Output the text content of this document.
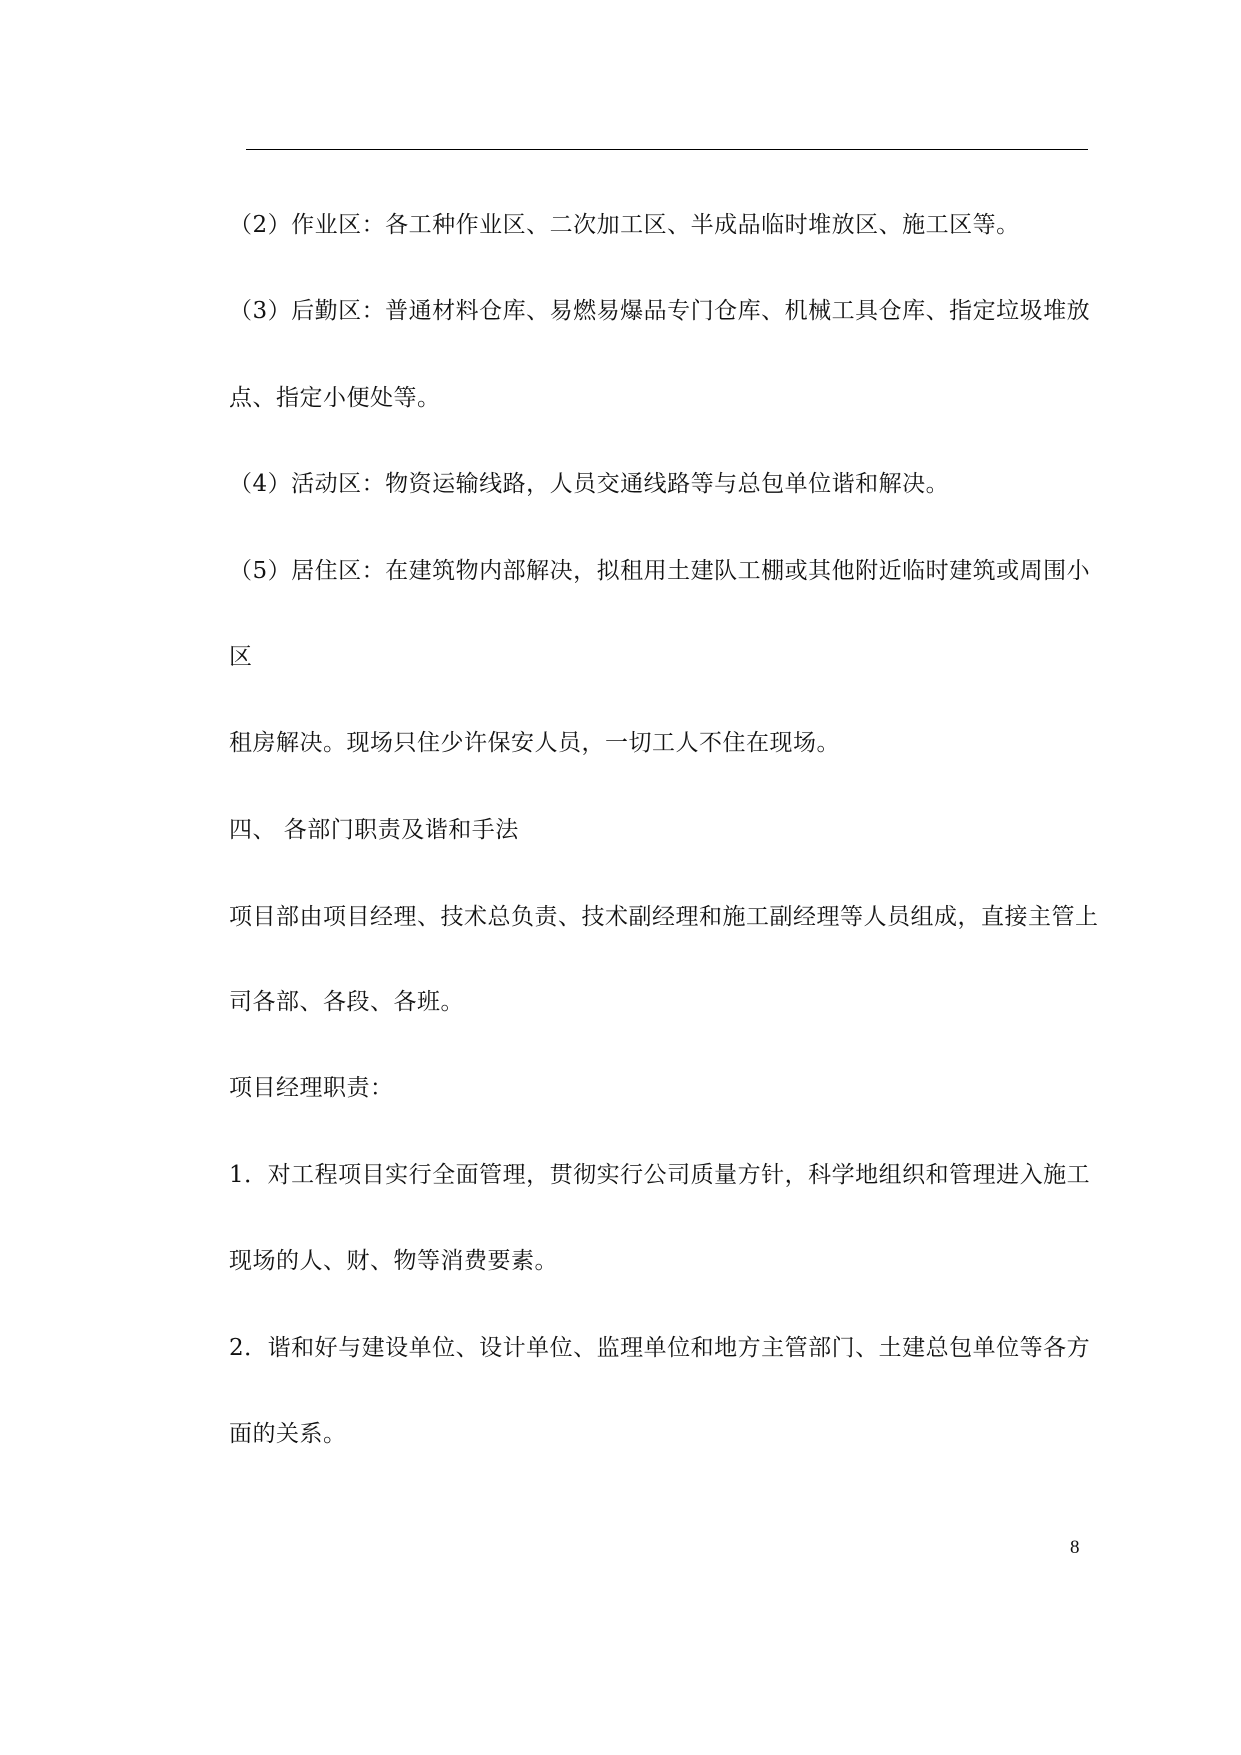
（2）作业区：各工种作业区、二次加工区、半成品临时堆放区、施工区等。

（3）后勤区：普通材料仓库、易燃易爆品专门仓库、机械工具仓库、指定垃圾堆放

点、指定小便处等。

（4）活动区：物资运输线路，人员交通线路等与总包单位谐和解决。

（5）居住区：在建筑物内部解决，拟租用土建队工棚或其他附近临时建筑或周围小

区

租房解决。现场只住少许保安人员，一切工人不住在现场。

四、 各部门职责及谐和手法

项目部由项目经理、技术总负责、技术副经理和施工副经理等人员组成，直接主管上

司各部、各段、各班。

项目经理职责：

1．对工程项目实行全面管理，贯彻实行公司质量方针，科学地组织和管理进入施工

现场的人、财、物等消费要素。

2．谐和好与建设单位、设计单位、监理单位和地方主管部门、土建总包单位等各方

面的关系。

8
